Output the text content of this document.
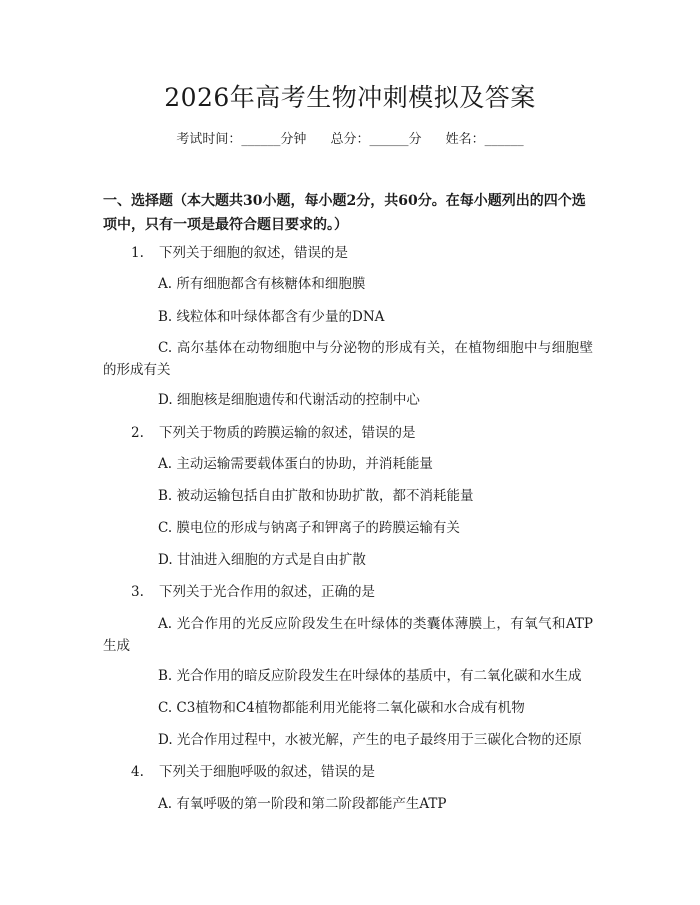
2026年高考生物冲刺模拟及答案
考试时间：______分钟 总分：______分 姓名：______
一、选择题（本大题共30小题，每小题2分，共60分。在每小题列出的四个选项中，只有一项是最符合题目要求的。）
1. 下列关于细胞的叙述，错误的是
A. 所有细胞都含有核糖体和细胞膜
B. 线粒体和叶绿体都含有少量的DNA
C. 高尔基体在动物细胞中与分泌物的形成有关，在植物细胞中与细胞壁的形成有关
D. 细胞核是细胞遗传和代谢活动的控制中心
2. 下列关于物质的跨膜运输的叙述，错误的是
A. 主动运输需要载体蛋白的协助，并消耗能量
B. 被动运输包括自由扩散和协助扩散，都不消耗能量
C. 膜电位的形成与钠离子和钾离子的跨膜运输有关
D. 甘油进入细胞的方式是自由扩散
3. 下列关于光合作用的叙述，正确的是
A. 光合作用的光反应阶段发生在叶绿体的类囊体薄膜上，有氧气和ATP生成
B. 光合作用的暗反应阶段发生在叶绿体的基质中，有二氧化碳和水生成
C. C3植物和C4植物都能利用光能将二氧化碳和水合成有机物
D. 光合作用过程中，水被光解，产生的电子最终用于三碳化合物的还原
4. 下列关于细胞呼吸的叙述，错误的是
A. 有氧呼吸的第一阶段和第二阶段都能产生ATP
